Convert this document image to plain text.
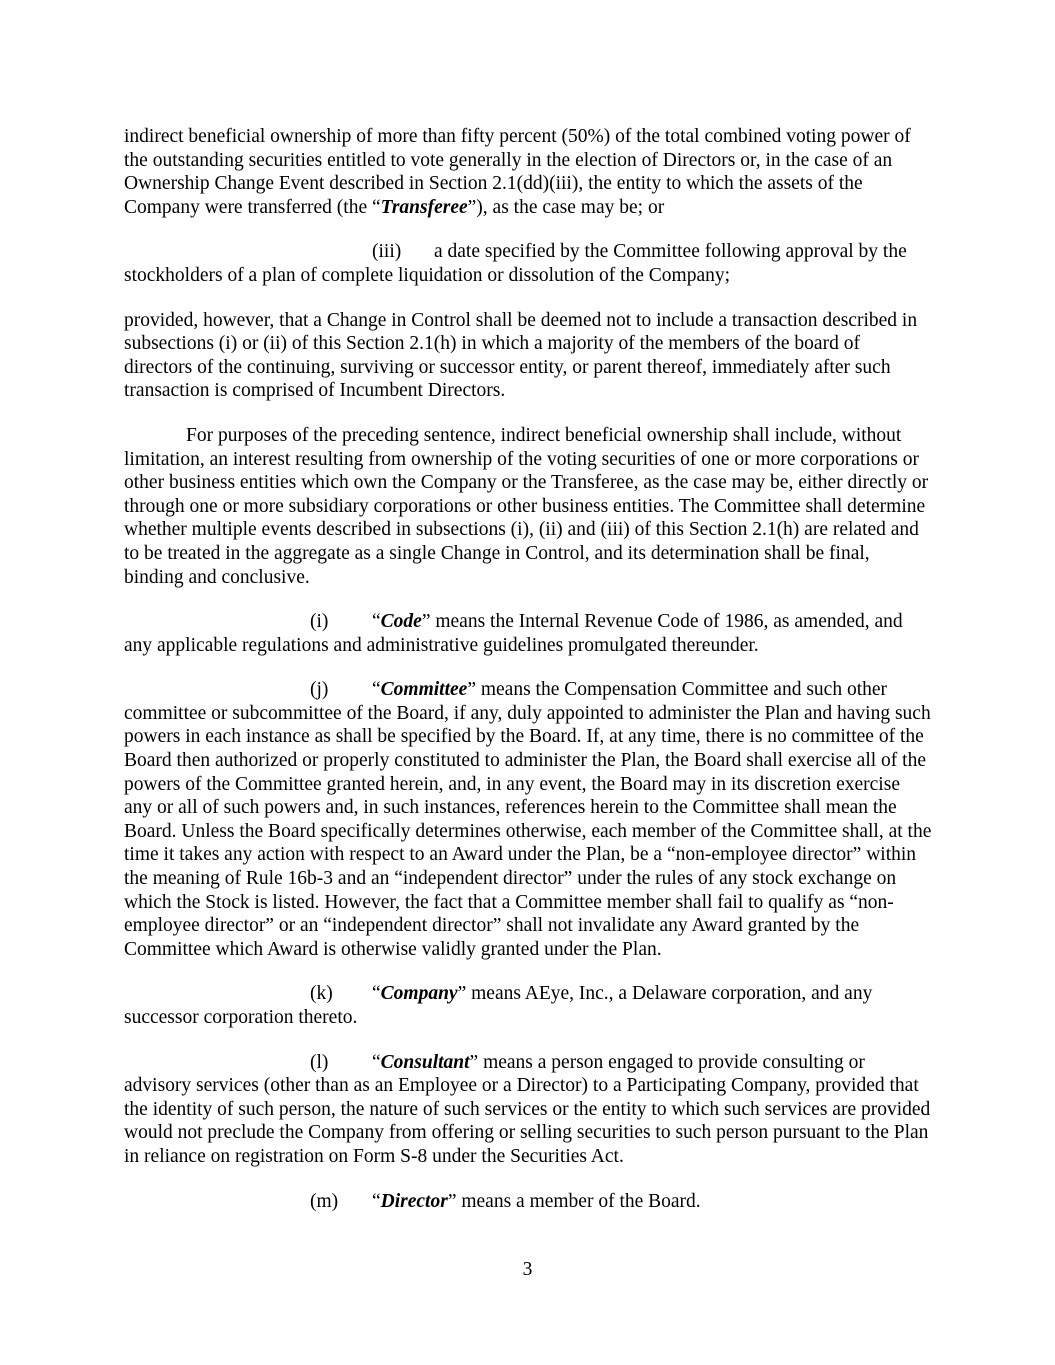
indirect beneficial ownership of more than fifty percent (50%) of the total combined voting power of the outstanding securities entitled to vote generally in the election of Directors or, in the case of an Ownership Change Event described in Section 2.1(dd)(iii), the entity to which the assets of the Company were transferred (the “Transferee”), as the case may be; or

(iii) a date specified by the Committee following approval by the stockholders of a plan of complete liquidation or dissolution of the Company;

provided, however, that a Change in Control shall be deemed not to include a transaction described in subsections (i) or (ii) of this Section 2.1(h) in which a majority of the members of the board of directors of the continuing, surviving or successor entity, or parent thereof, immediately after such transaction is comprised of Incumbent Directors.

For purposes of the preceding sentence, indirect beneficial ownership shall include, without limitation, an interest resulting from ownership of the voting securities of one or more corporations or other business entities which own the Company or the Transferee, as the case may be, either directly or through one or more subsidiary corporations or other business entities. The Committee shall determine whether multiple events described in subsections (i), (ii) and (iii) of this Section 2.1(h) are related and to be treated in the aggregate as a single Change in Control, and its determination shall be final, binding and conclusive.

(i) “Code” means the Internal Revenue Code of 1986, as amended, and any applicable regulations and administrative guidelines promulgated thereunder.

(j) “Committee” means the Compensation Committee and such other committee or subcommittee of the Board, if any, duly appointed to administer the Plan and having such powers in each instance as shall be specified by the Board. If, at any time, there is no committee of the Board then authorized or properly constituted to administer the Plan, the Board shall exercise all of the powers of the Committee granted herein, and, in any event, the Board may in its discretion exercise any or all of such powers and, in such instances, references herein to the Committee shall mean the Board. Unless the Board specifically determines otherwise, each member of the Committee shall, at the time it takes any action with respect to an Award under the Plan, be a “non-employee director” within the meaning of Rule 16b-3 and an “independent director” under the rules of any stock exchange on which the Stock is listed. However, the fact that a Committee member shall fail to qualify as “non-employee director” or an “independent director” shall not invalidate any Award granted by the Committee which Award is otherwise validly granted under the Plan.

(k) “Company” means AEye, Inc., a Delaware corporation, and any successor corporation thereto.

(l) “Consultant” means a person engaged to provide consulting or advisory services (other than as an Employee or a Director) to a Participating Company, provided that the identity of such person, the nature of such services or the entity to which such services are provided would not preclude the Company from offering or selling securities to such person pursuant to the Plan in reliance on registration on Form S-8 under the Securities Act.

(m) “Director” means a member of the Board.

3
